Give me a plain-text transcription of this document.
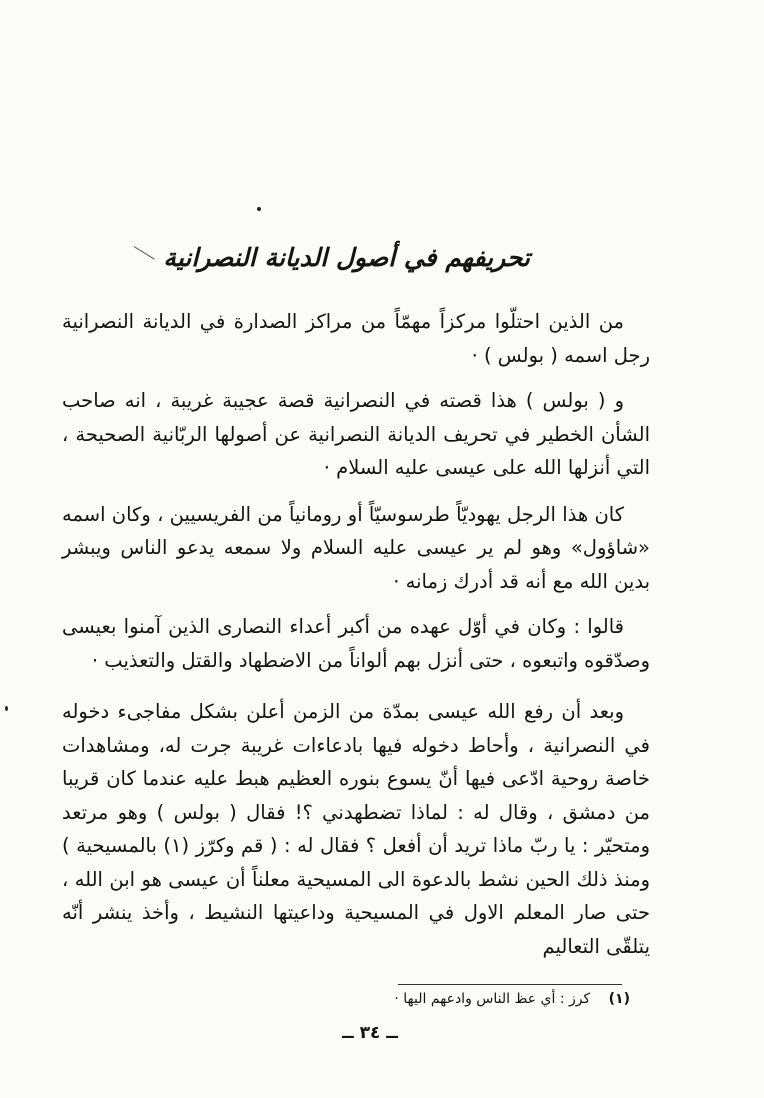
تحريفهم في أصول الديانة النصرانية

من الذين احتلّوا مركزاً مهمّاً من مراكز الصدارة في الديانة النصرانية رجل اسمه ( بولس ) ·

و ( بولس ) هذا قصته في النصرانية قصة عجيبة غريبة ، انه صاحب الشأن الخطير في تحريف الديانة النصرانية عن أصولها الربّانية الصحيحة ، التي أنزلها الله على عيسى عليه السلام ·

كان هذا الرجل يهوديّاً طرسوسيّاً أو رومانياً من الفريسيين ، وكان اسمه «شاؤول» وهو لم ير عيسى عليه السلام ولا سمعه يدعو الناس ويبشر بدين الله مع أنه قد أدرك زمانه ·

قالوا : وكان في أوّل عهده من أكبر أعداء النصارى الذين آمنوا بعيسى وصدّقوه واتبعوه ، حتى أنزل بهم ألواناً من الاضطهاد والقتل والتعذيب ·

وبعد أن رفع الله عيسى بمدّة من الزمن أعلن بشكل مفاجىء دخوله في النصرانية ، وأحاط دخوله فيها بادعاءات غريبة جرت له، ومشاهدات خاصة روحية ادّعى فيها أنّ يسوع بنوره العظيم هبط عليه عندما كان قريبا من دمشق ، وقال له : لماذا تضطهدني ؟! فقال ( بولس ) وهو مرتعد ومتحيّر : يا ربّ ماذا تريد أن أفعل ؟ فقال له : ( قم وكرّز (١) بالمسيحية ) ومنذ ذلك الحين نشط بالدعوة الى المسيحية معلناً أن عيسى هو ابن الله ، حتى صار المعلم الاول في المسيحية وداعيتها النشيط ، وأخذ ينشر أنّه يتلقّى التعاليم

(١) كرز : أي عظ الناس وادعهم اليها ·
ــ ٣٤ ــ
